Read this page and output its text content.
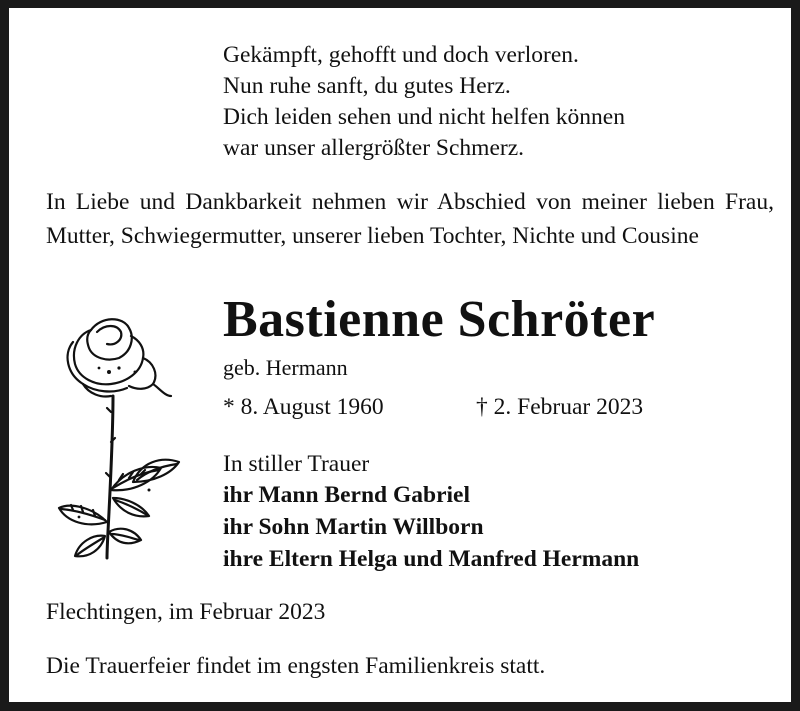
Gekämpft, gehofft und doch verloren.
Nun ruhe sanft, du gutes Herz.
Dich leiden sehen und nicht helfen können
war unser allergrößter Schmerz.
In Liebe und Dankbarkeit nehmen wir Abschied von meiner lieben Frau, Mutter, Schwiegermutter, unserer lieben Tochter, Nichte und Cousine
Bastienne Schröter
geb. Hermann
* 8. August 1960	† 2. Februar 2023
In stiller Trauer
ihr Mann Bernd Gabriel
ihr Sohn Martin Willborn
ihre Eltern Helga und Manfred Hermann
Flechtingen, im Februar 2023
Die Trauerfeier findet im engsten Familienkreis statt.
